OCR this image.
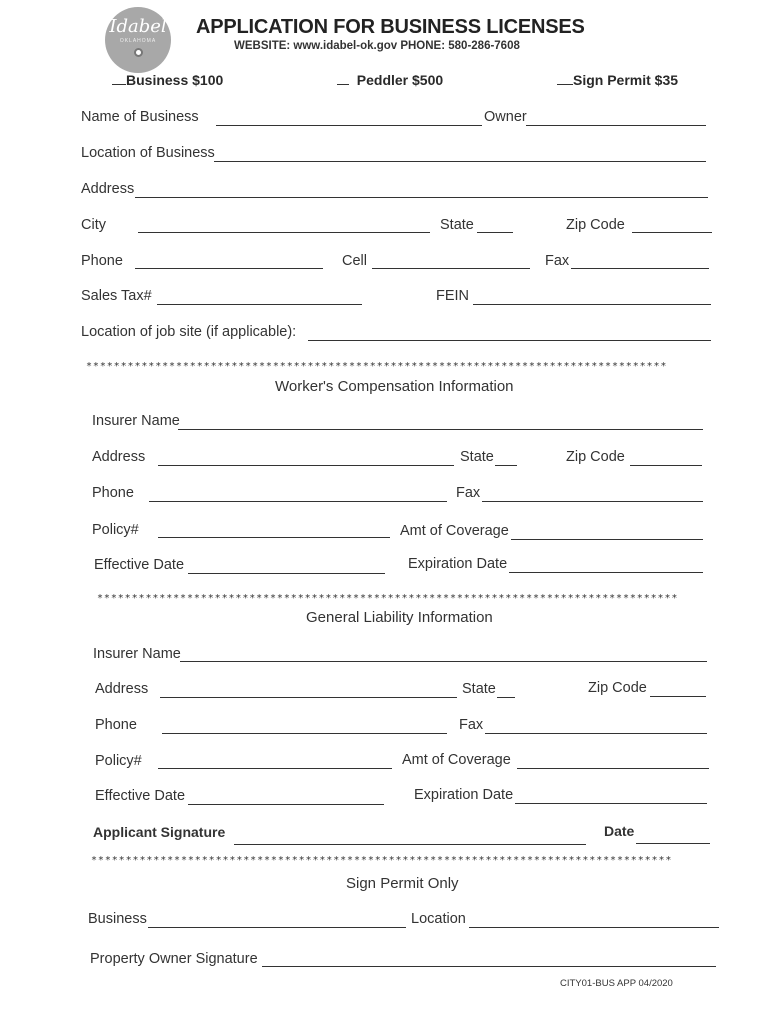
Idabel
OKLAHOMA
APPLICATION FOR BUSINESS LICENSES
WEBSITE: www.idabel-ok.gov PHONE: 580-286-7608
Business $100	Peddler $500	Sign Permit $35
Name of Business	Owner
Location of Business
Address
City	State	Zip Code
Phone	Cell	Fax
Sales Tax#	FEIN
Location of job site (if applicable):
************************************************************************************
Worker's Compensation Information
Insurer Name
Address	State	Zip Code
Phone	Fax
Policy#	Amt of Coverage
Effective Date	Expiration Date
************************************************************************************
General Liability Information
Insurer Name
Address	State	Zip Code
Phone	Fax
Policy#	Amt of Coverage
Effective Date	Expiration Date
Applicant Signature	Date
************************************************************************************
Sign Permit Only
Business	Location
Property Owner Signature
CITY01-BUS APP 04/2020
